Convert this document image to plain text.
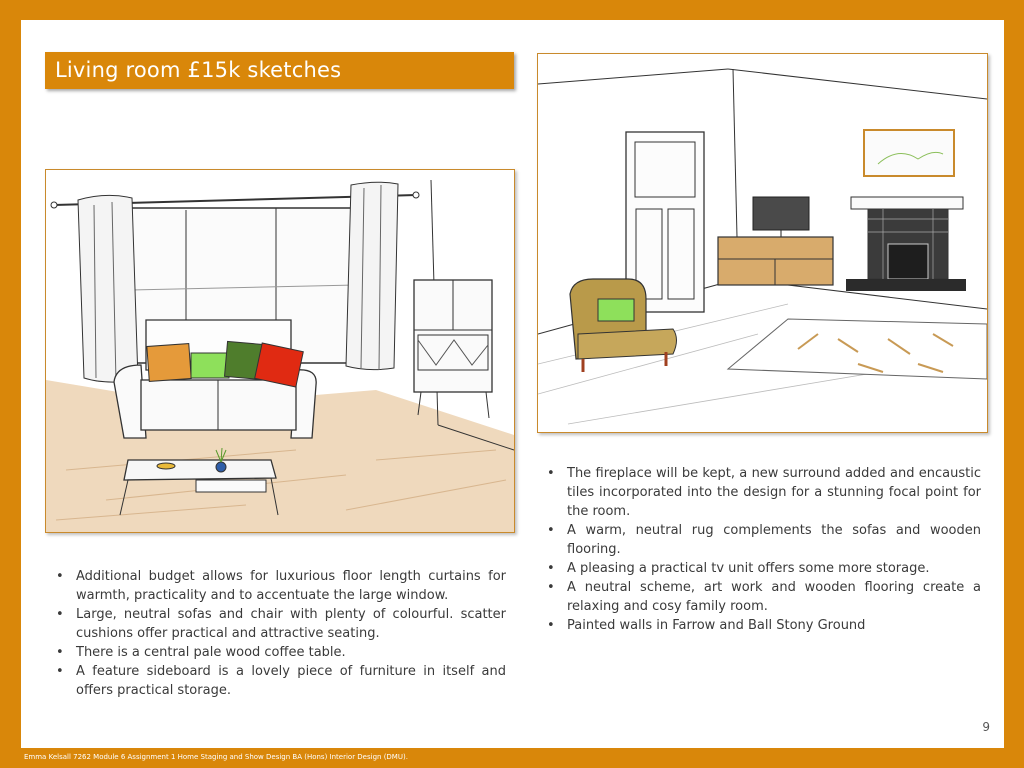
Living room £15k sketches
• Additional budget allows for luxurious floor length curtains for warmth, practicality and to accentuate the large window.
• Large, neutral sofas and chair with plenty of colourful. scatter cushions offer practical and attractive seating.
• There is a central pale wood coffee table.
• A feature sideboard is a lovely piece of furniture in itself and offers practical storage.
• The fireplace will be kept, a new surround added and encaustic tiles incorporated into the design for a stunning focal point for the room.
• A warm, neutral rug complements the sofas and wooden flooring.
• A pleasing a practical tv unit offers some more storage.
• A neutral scheme, art work and wooden flooring create a relaxing and cosy family room.
• Painted walls in Farrow and Ball Stony Ground
9
Emma Kelsall 7262 Module 6 Assignment 1 Home Staging and Show Design BA (Hons) Interior Design (DMU).
